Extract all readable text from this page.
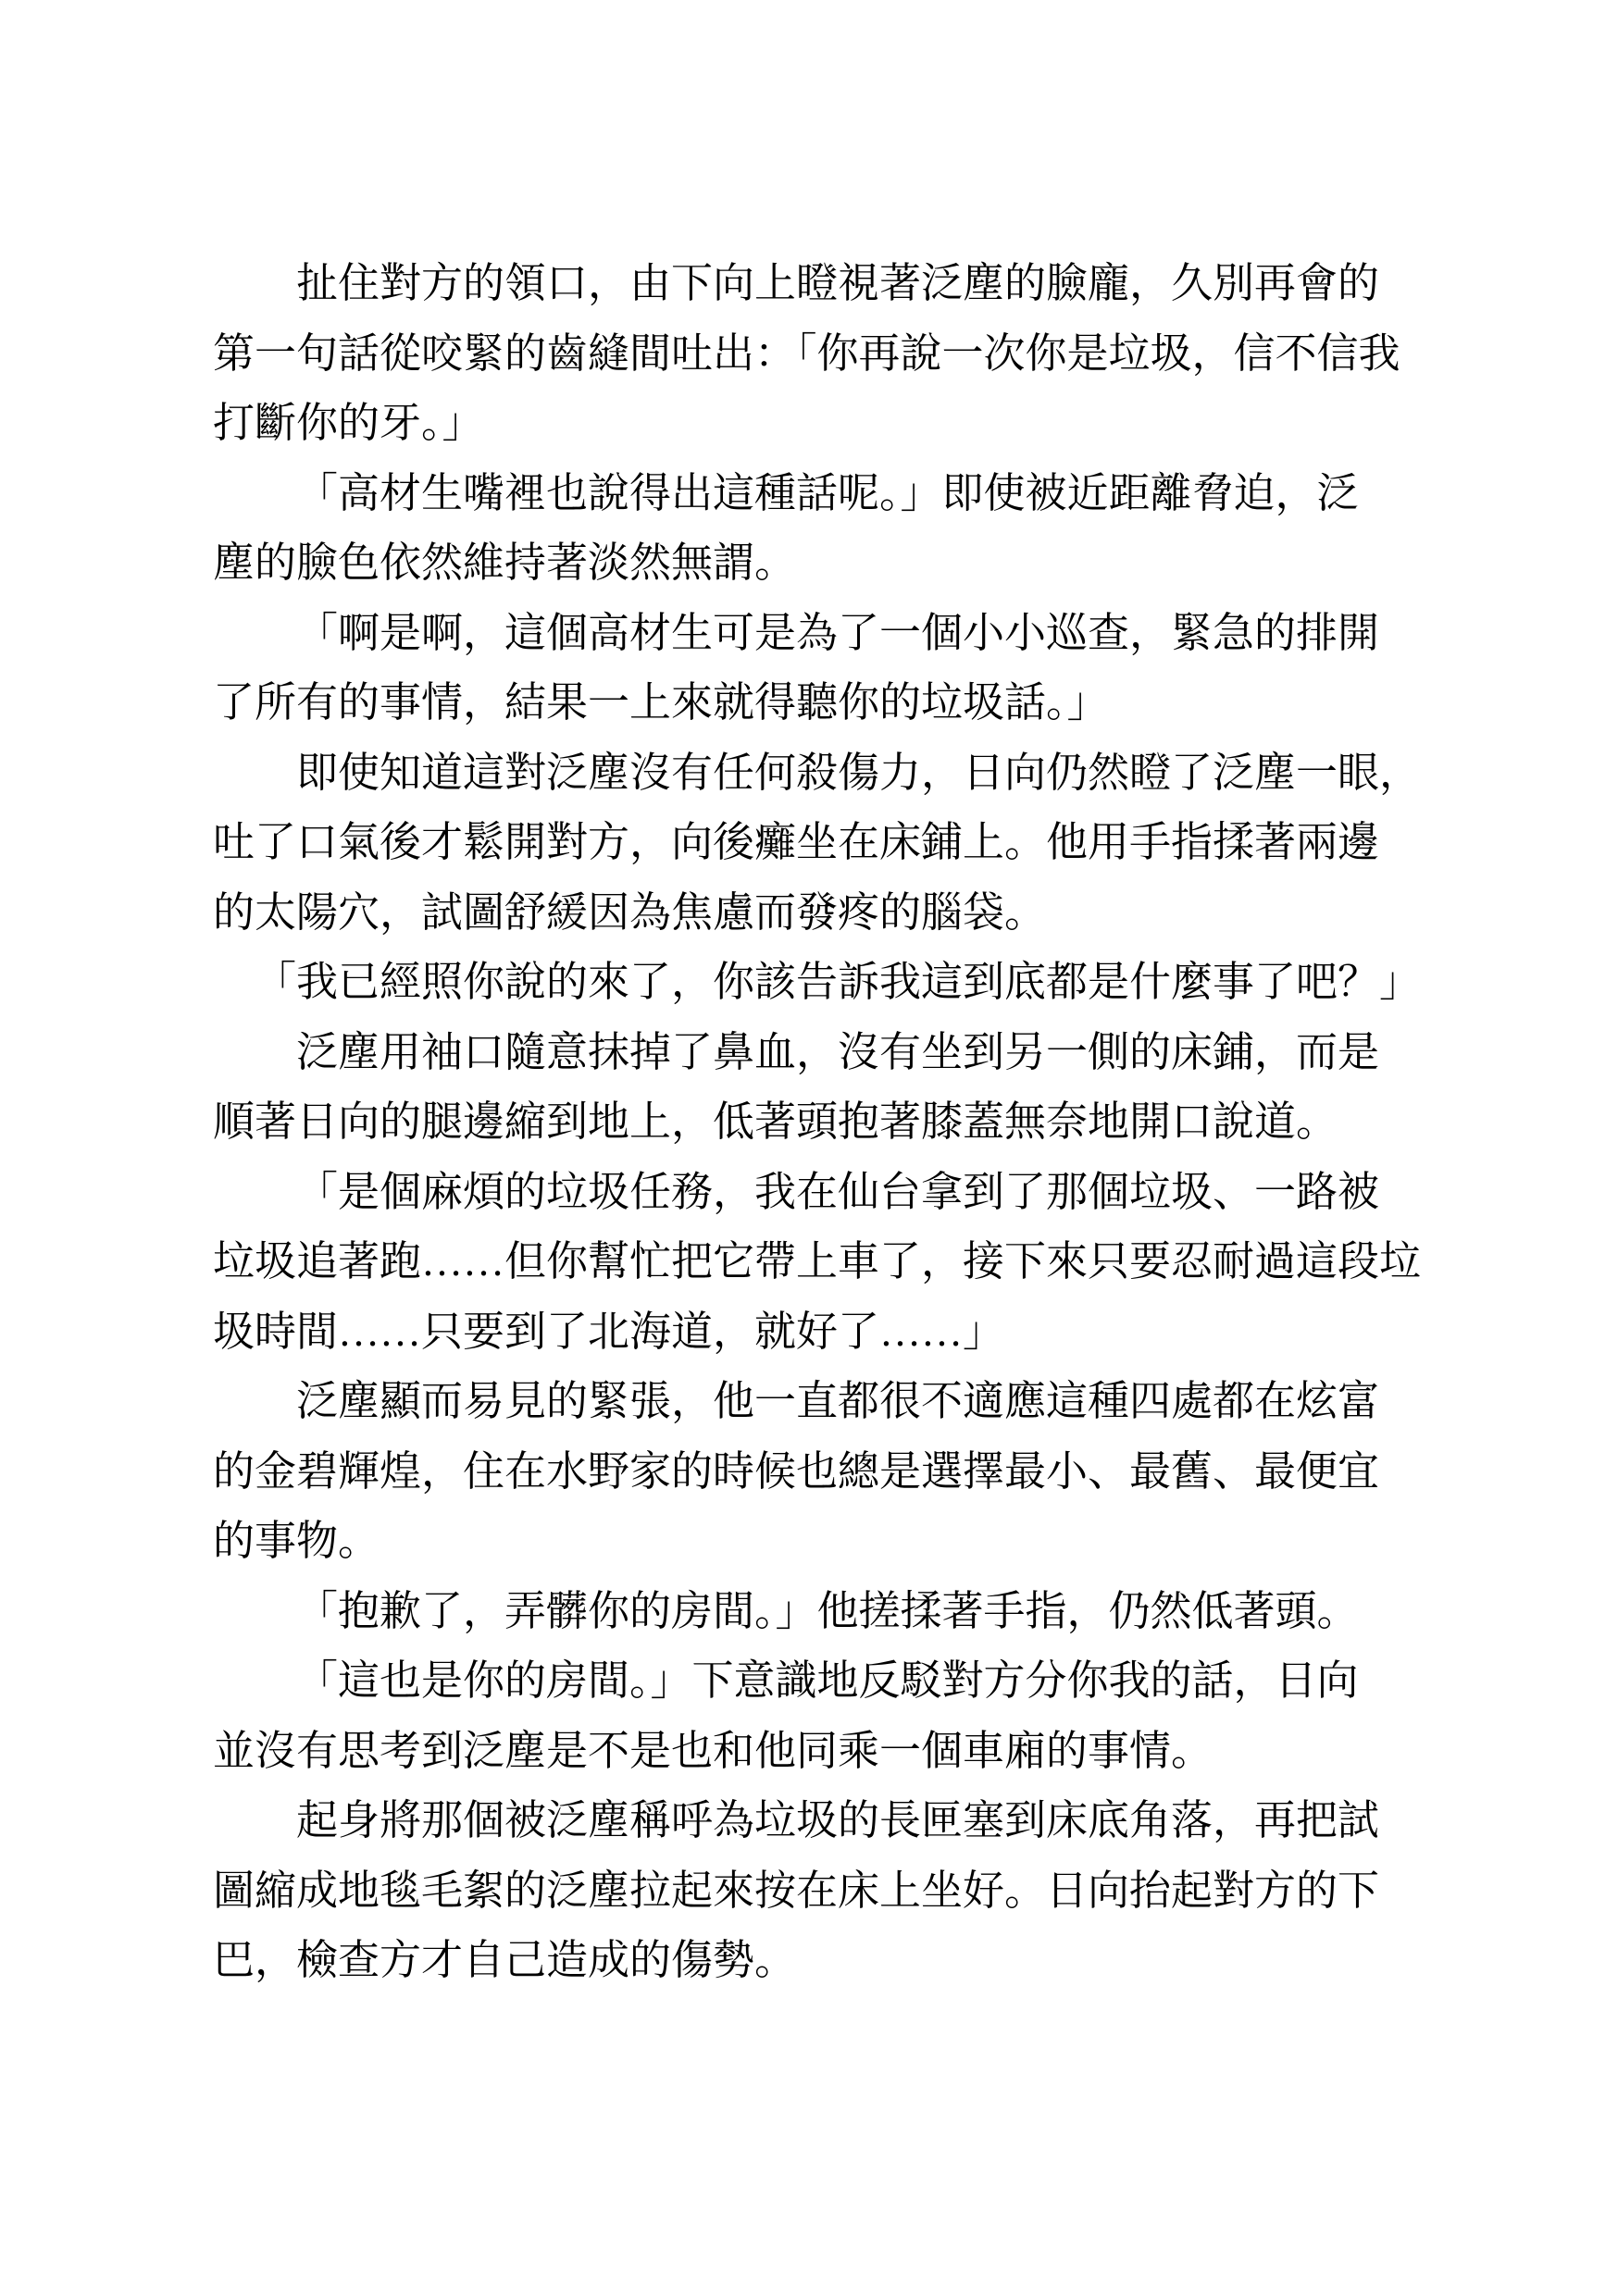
扯住對方的領口，由下向上瞪視著泛塵的臉龐，久別再會的
第一句話從咬緊的齒縫間吐出：「你再說一次你是垃圾，信不信我
打斷你的牙。」

「高材生嘴裡也說得出這種話呢。」即使被近距離脅迫，泛
塵的臉色依然維持著淡然無謂。

「啊是啊，這個高材生可是為了一個小小巡查，緊急的排開
了所有的事情，結果一上來就得聽你的垃圾話。」

即使知道這對泛塵沒有任何殺傷力，日向仍然瞪了泛塵一眼，
吐了口氣後才鬆開對方，向後癱坐在床鋪上。他用手指揉著兩邊
的太陽穴，試圖舒緩因為焦慮而發疼的腦袋。

「我已經照你說的來了，你該告訴我這到底都是什麼事了吧？」

泛塵用袖口隨意抹掉了鼻血，沒有坐到另一側的床鋪，而是
順著日向的腿邊縮到地上，低著頭抱著膝蓋無奈地開口說道。

「是個麻煩的垃圾任務，我在仙台拿到了那個垃圾、一路被
垃圾追著跑……但你幫忙把它帶上車了，接下來只要忍耐過這段垃
圾時間……只要到了北海道，就好了……」

泛塵顯而易見的緊張，他一直都很不適應這種四處都在炫富
的金碧輝煌，住在水野家的時候也總是選擇最小、最舊、最便宜
的事物。

「抱歉了，弄髒你的房間。」他搓揉著手指，仍然低著頭。

「這也是你的房間。」下意識地反駁對方分你我的話，日向
並沒有思考到泛塵是不是也和他同乘一個車廂的事情。

起身將那個被泛塵稱呼為垃圾的長匣塞到床底角落，再把試
圖縮成地毯毛絮的泛塵拉起來按在床上坐好。日向抬起對方的下
巴，檢查方才自己造成的傷勢。
